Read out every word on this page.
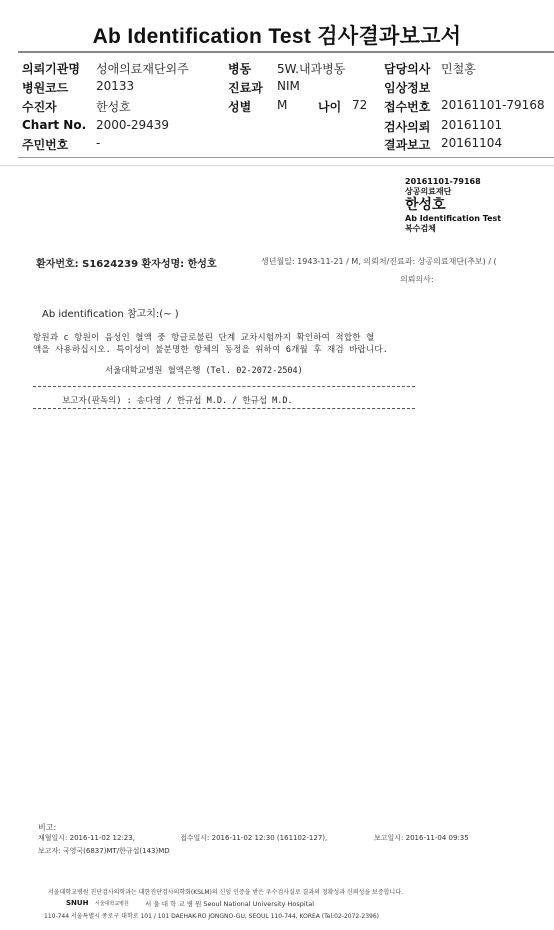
Ab Identification Test 검사결과보고서
의뢰기관명 성애의료재단외주
병원코드 20133
수진자	한성호
Chart No. 2000-29439
주민번호 -
병동 5W.내과병동
진료과 NIM
성별 M	나이 72
담당의사 민철홍
임상정보
접수번호 20161101-79168
검사의뢰 20161101
결과보고 20161104
20161101-79168
상공의료재단
한성호
Ab Identification Test
복수검체
환자번호: S1624239 환자성명: 한성호	생년월일: 1943-11-21 / M, 의뢰처/진료과: 상공의료재단(추보) / (
의뢰의사:
Ab identification 참고치:(~ )
항원과 c 항원이 음성인 혈액 중 항글로불린 단계 교차시험까지 확인하여 적합한 혈
액을 사용하십시오. 특이성이 불분명한 항체의 동정을 위하여 6개월 후 재검 바랍니다.
서울대학교병원 혈액은행 (Tel. 02-2072-2504)
보고자(판독의) : 송다영 / 한규섭 M.D. / 한규섭 M.D.
비고:
채혈일시: 2016-11-02 12:23,	접수일시: 2016-11-02 12:30 (161102-127),	보고일시: 2016-11-04 09:35
보고자: 국영국(6837)MT/한규섭(143)MD
서울대학교병원 진단검사의학과는 대한진단검사의학회(KSLM)의 신임 인증을 받은 우수검사실로 결과의 정확성과 신뢰성을 보증합니다.
SNUH 서울대학교병원 서 울 대 학 교 병 원 Seoul National University Hospital
110-744 서울특별시 종로구 대학로 101 / 101 DAEHAK-RO JONGNO-GU, SEOUL 110-744, KOREA (Tel:02-2072-2396)
